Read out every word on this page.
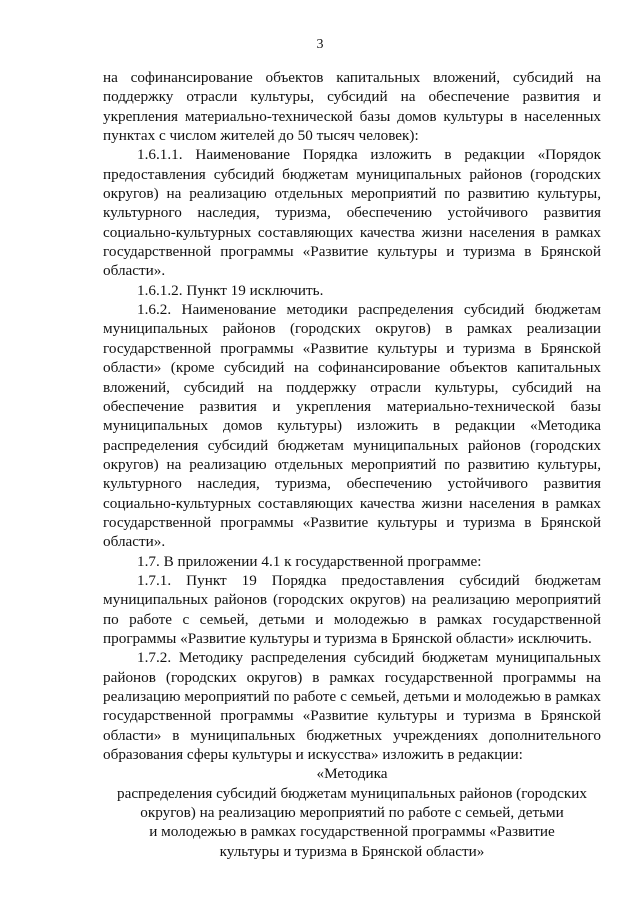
3

на софинансирование объектов капитальных вложений, субсидий на поддержку отрасли культуры, субсидий на обеспечение развития и укрепления материально-технической базы домов культуры в населенных пунктах с числом жителей до 50 тысяч человек):

1.6.1.1. Наименование Порядка изложить в редакции «Порядок предоставления субсидий бюджетам муниципальных районов (городских округов) на реализацию отдельных мероприятий по развитию культуры, культурного наследия, туризма, обеспечению устойчивого развития социально-культурных составляющих качества жизни населения в рамках государственной программы «Развитие культуры и туризма в Брянской области».

1.6.1.2. Пункт 19 исключить.

1.6.2. Наименование методики распределения субсидий бюджетам муниципальных районов (городских округов) в рамках реализации государственной программы «Развитие культуры и туризма в Брянской области» (кроме субсидий на софинансирование объектов капитальных вложений, субсидий на поддержку отрасли культуры, субсидий на обеспечение развития и укрепления материально-технической базы муниципальных домов культуры) изложить в редакции «Методика распределения субсидий бюджетам муниципальных районов (городских округов) на реализацию отдельных мероприятий по развитию культуры, культурного наследия, туризма, обеспечению устойчивого развития социально-культурных составляющих качества жизни населения в рамках государственной программы «Развитие культуры и туризма в Брянской области».

1.7. В приложении 4.1 к государственной программе:

1.7.1. Пункт 19 Порядка предоставления субсидий бюджетам муниципальных районов (городских округов) на реализацию мероприятий по работе с семьей, детьми и молодежью в рамках государственной программы «Развитие культуры и туризма в Брянской области» исключить.

1.7.2. Методику распределения субсидий бюджетам муниципальных районов (городских округов) в рамках государственной программы на реализацию мероприятий по работе с семьей, детьми и молодежью в рамках государственной программы «Развитие культуры и туризма в Брянской области» в муниципальных бюджетных учреждениях дополнительного образования сферы культуры и искусства» изложить в редакции:

«Методика

распределения субсидий бюджетам муниципальных районов (городских

округов) на реализацию мероприятий по работе с семьей, детьми

и молодежью в рамках государственной программы «Развитие

культуры и туризма в Брянской области»
